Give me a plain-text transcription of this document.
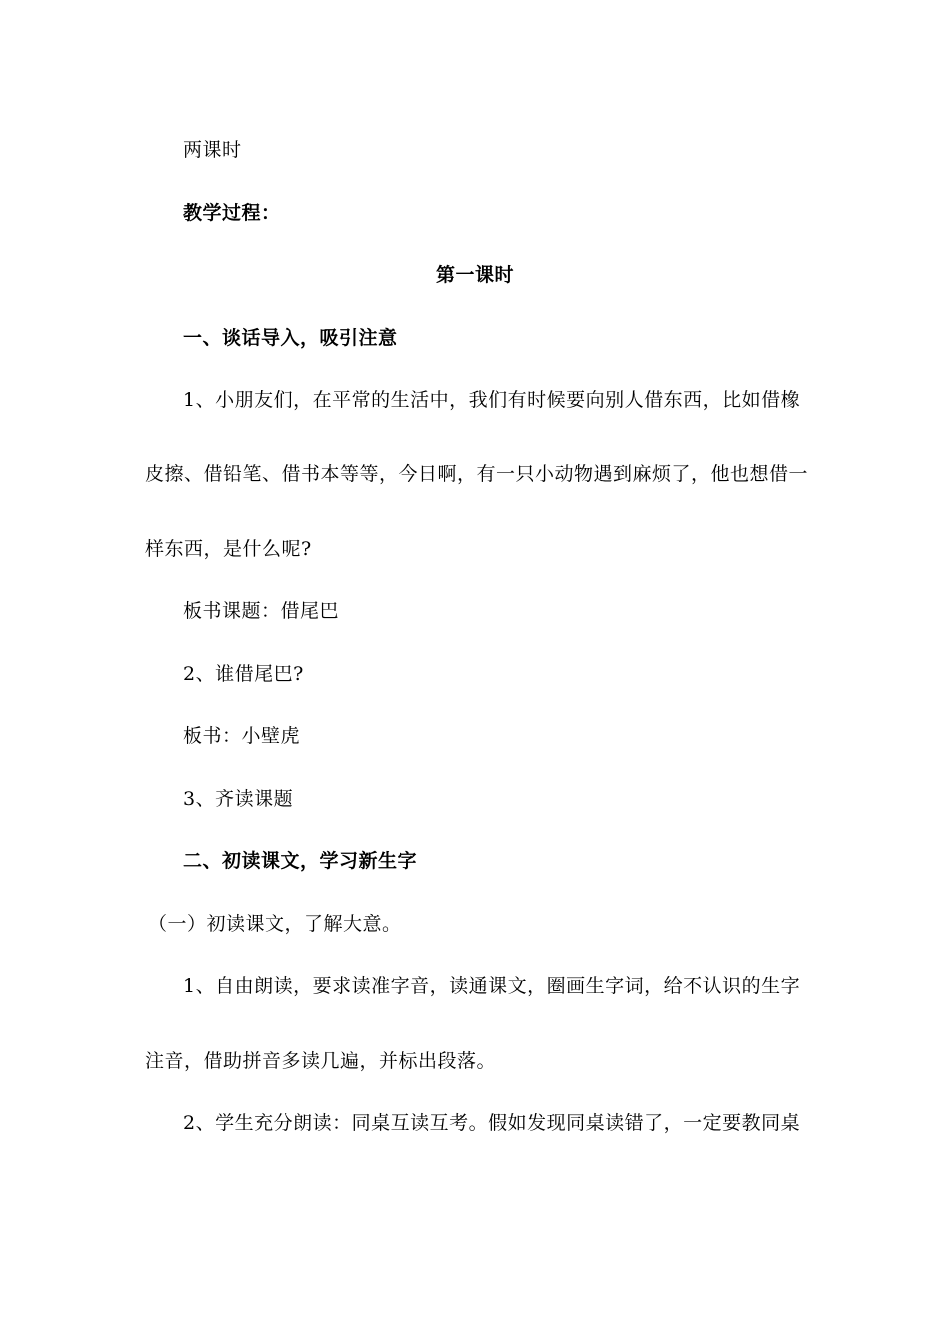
两课时
教学过程：
第一课时
一、谈话导入，吸引注意
1、小朋友们，在平常的生活中，我们有时候要向别人借东西，比如借橡
皮擦、借铅笔、借书本等等，今日啊，有一只小动物遇到麻烦了，他也想借一
样东西，是什么呢?
板书课题：借尾巴
2、谁借尾巴?
板书：小壁虎
3、齐读课题
二、初读课文，学习新生字
（一）初读课文，了解大意。
1、自由朗读，要求读准字音，读通课文，圈画生字词，给不认识的生字
注音，借助拼音多读几遍，并标出段落。
2、学生充分朗读：同桌互读互考。假如发现同桌读错了，一定要教同桌
